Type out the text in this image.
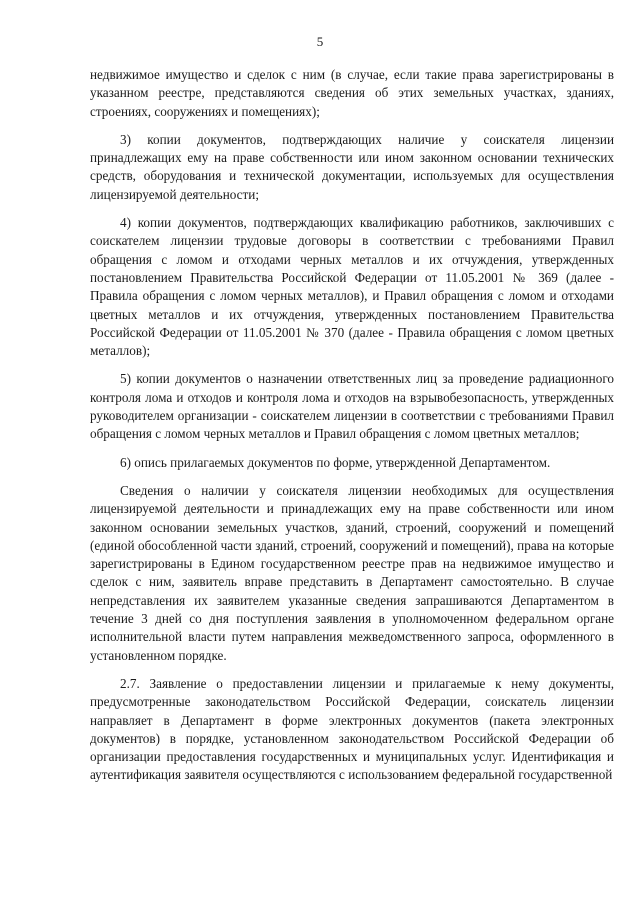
5

недвижимое имущество и сделок с ним (в случае, если такие права зарегистрированы в указанном реестре, представляются сведения об этих земельных участках, зданиях, строениях, сооружениях и помещениях);

3) копии документов, подтверждающих наличие у соискателя лицензии принадлежащих ему на праве собственности или ином законном основании технических средств, оборудования и технической документации, используемых для осуществления лицензируемой деятельности;

4) копии документов, подтверждающих квалификацию работников, заключивших с соискателем лицензии трудовые договоры в соответствии с требованиями Правил обращения с ломом и отходами черных металлов и их отчуждения, утвержденных постановлением Правительства Российской Федерации от 11.05.2001 № 369 (далее - Правила обращения с ломом черных металлов), и Правил обращения с ломом и отходами цветных металлов и их отчуждения, утвержденных постановлением Правительства Российской Федерации от 11.05.2001 № 370 (далее - Правила обращения с ломом цветных металлов);

5) копии документов о назначении ответственных лиц за проведение радиационного контроля лома и отходов и контроля лома и отходов на взрывобезопасность, утвержденных руководителем организации - соискателем лицензии в соответствии с требованиями Правил обращения с ломом черных металлов и Правил обращения с ломом цветных металлов;

6) опись прилагаемых документов по форме, утвержденной Департаментом.

Сведения о наличии у соискателя лицензии необходимых для осуществления лицензируемой деятельности и принадлежащих ему на праве собственности или ином законном основании земельных участков, зданий, строений, сооружений и помещений (единой обособленной части зданий, строений, сооружений и помещений), права на которые зарегистрированы в Едином государственном реестре прав на недвижимое имущество и сделок с ним, заявитель вправе представить в Департамент самостоятельно. В случае непредставления их заявителем указанные сведения запрашиваются Департаментом в течение 3 дней со дня поступления заявления в уполномоченном федеральном органе исполнительной власти путем направления межведомственного запроса, оформленного в установленном порядке.

2.7. Заявление о предоставлении лицензии и прилагаемые к нему документы, предусмотренные законодательством Российской Федерации, соискатель лицензии направляет в Департамент в форме электронных документов (пакета электронных документов) в порядке, установленном законодательством Российской Федерации об организации предоставления государственных и муниципальных услуг. Идентификация и аутентификация заявителя осуществляются с использованием федеральной государственной
